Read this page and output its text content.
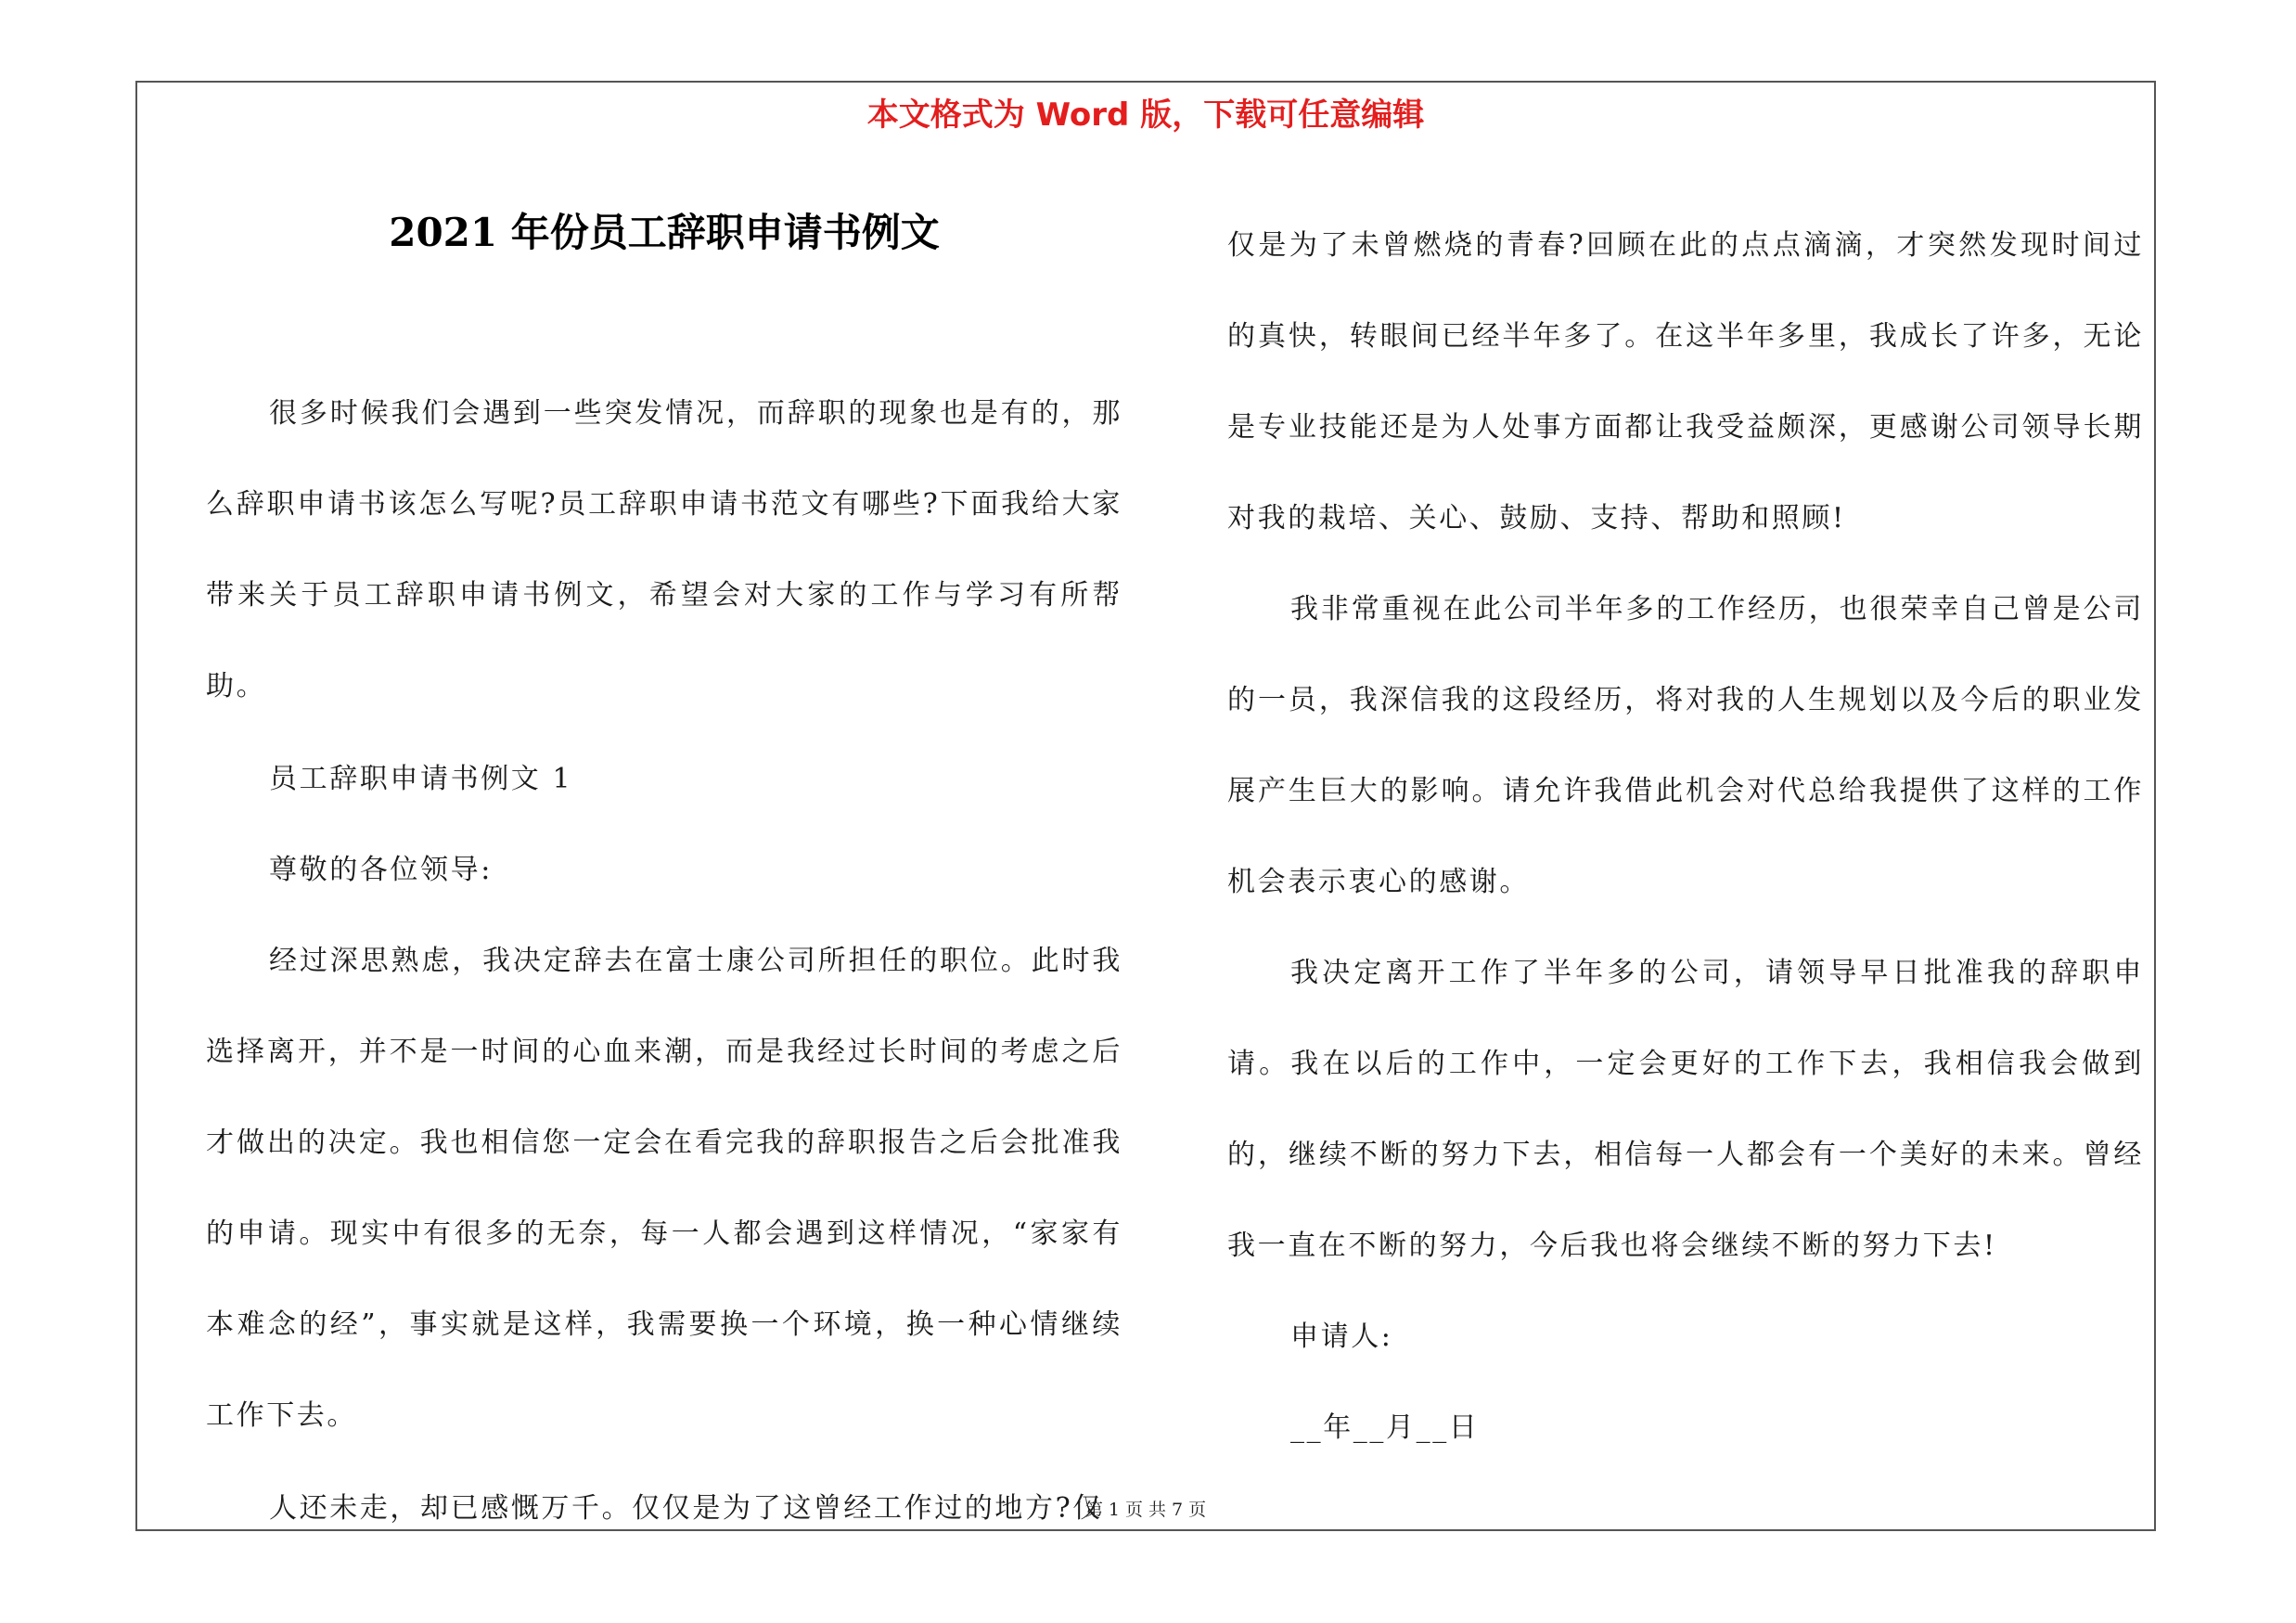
本文格式为 Word 版，下载可任意编辑
2021 年份员工辞职申请书例文

很多时候我们会遇到一些突发情况，而辞职的现象也是有的，那么辞职申请书该怎么写呢?员工辞职申请书范文有哪些?下面我给大家带来关于员工辞职申请书例文，希望会对大家的工作与学习有所帮助。

员工辞职申请书例文 1

尊敬的各位领导:

经过深思熟虑，我决定辞去在富士康公司所担任的职位。此时我选择离开，并不是一时间的心血来潮，而是我经过长时间的考虑之后才做出的决定。我也相信您一定会在看完我的辞职报告之后会批准我的申请。现实中有很多的无奈，每一人都会遇到这样情况，“家家有本难念的经”，事实就是这样，我需要换一个环境，换一种心情继续工作下去。

人还未走，却已感慨万千。仅仅是为了这曾经工作过的地方?仅

仅是为了未曾燃烧的青春?回顾在此的点点滴滴，才突然发现时间过的真快，转眼间已经半年多了。在这半年多里，我成长了许多，无论是专业技能还是为人处事方面都让我受益颇深，更感谢公司领导长期对我的栽培、关心、鼓励、支持、帮助和照顾!

我非常重视在此公司半年多的工作经历，也很荣幸自己曾是公司的一员，我深信我的这段经历，将对我的人生规划以及今后的职业发展产生巨大的影响。请允许我借此机会对代总给我提供了这样的工作机会表示衷心的感谢。

我决定离开工作了半年多的公司，请领导早日批准我的辞职申请。我在以后的工作中，一定会更好的工作下去，我相信我会做到的，继续不断的努力下去，相信每一人都会有一个美好的未来。曾经我一直在不断的努力，今后我也将会继续不断的努力下去!

申请人:

__年__月__日

第 1 页 共 7 页
